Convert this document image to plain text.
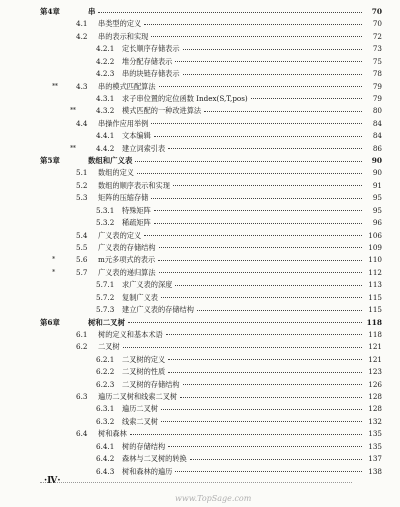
第4章	串	70
4.1 串类型的定义	70
4.2 串的表示和实现	72
4.2.1 定长顺序存储表示	73
4.2.2 堆分配存储表示	75
4.2.3 串的块链存储表示	78
**	4.3 串的模式匹配算法	79
4.3.1 求子串位置的定位函数 Index(S,T,pos)	79
**	4.3.2 模式匹配的一种改进算法	80
4.4 串操作应用举例	84
4.4.1 文本编辑	84
**	4.4.2 建立词索引表	86
第5章	数组和广义表	90
5.1 数组的定义	90
5.2 数组的顺序表示和实现	91
5.3 矩阵的压缩存储	95
5.3.1 特殊矩阵	95
5.3.2 稀疏矩阵	96
5.4 广义表的定义	106
5.5 广义表的存储结构	109
*	5.6 m元多项式的表示	110
*	5.7 广义表的递归算法	112
5.7.1 求广义表的深度	113
5.7.2 复制广义表	115
5.7.3 建立广义表的存储结构	115
第6章	树和二叉树	118
6.1 树的定义和基本术语	118
6.2 二叉树	121
6.2.1 二叉树的定义	121
6.2.2 二叉树的性质	123
6.2.3 二叉树的存储结构	126
6.3 遍历二叉树和线索二叉树	128
6.3.1 遍历二叉树	128
6.3.2 线索二叉树	132
6.4 树和森林	135
6.4.1 树的存储结构	135
6.4.2 森林与二叉树的转换	137
6.4.3 树和森林的遍历	138
·Ⅳ·
www.TopSage.com
